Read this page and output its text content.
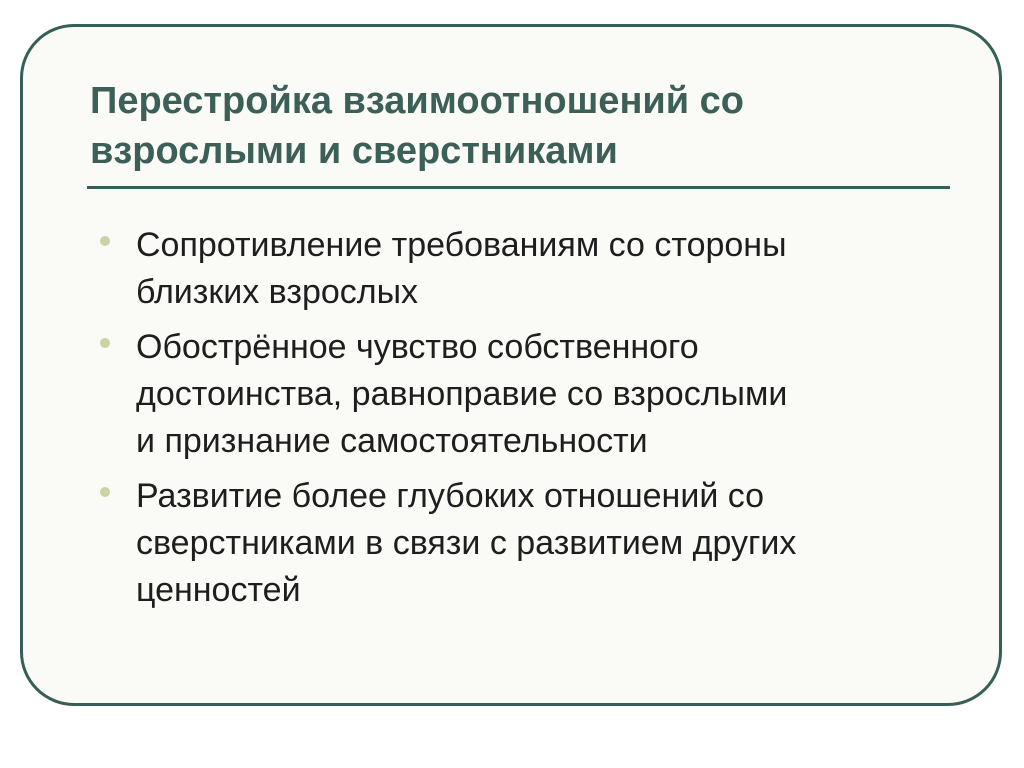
Перестройка взаимоотношений со взрослыми и сверстниками
Сопротивление требованиям со стороны
близких взрослых
Обострённое чувство собственного
достоинства, равноправие со взрослыми
и признание самостоятельности
Развитие более глубоких отношений со
сверстниками в связи с развитием других
ценностей
